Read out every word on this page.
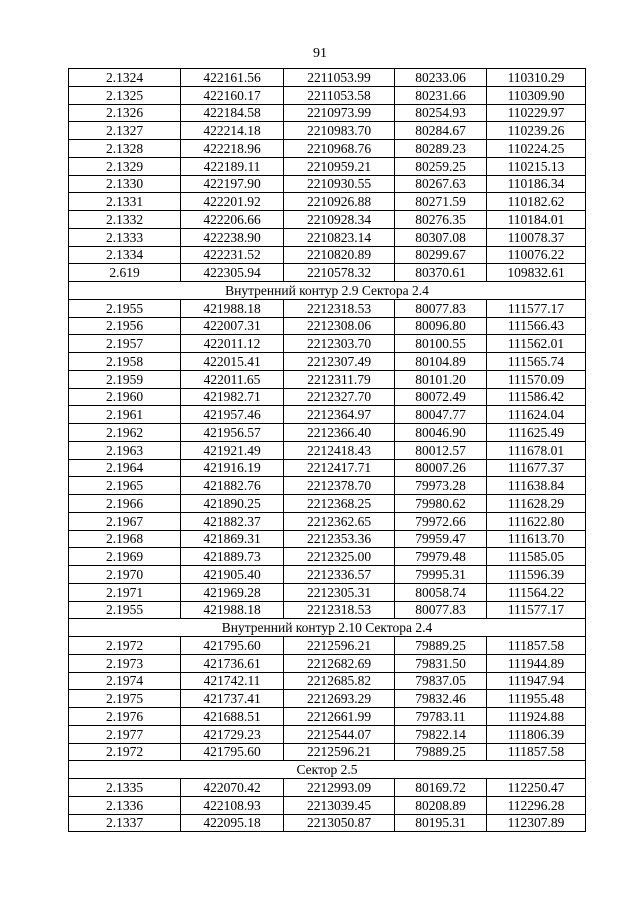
91
2.1324	422161.56	2211053.99	80233.06	110310.29
2.1325	422160.17	2211053.58	80231.66	110309.90
2.1326	422184.58	2210973.99	80254.93	110229.97
2.1327	422214.18	2210983.70	80284.67	110239.26
2.1328	422218.96	2210968.76	80289.23	110224.25
2.1329	422189.11	2210959.21	80259.25	110215.13
2.1330	422197.90	2210930.55	80267.63	110186.34
2.1331	422201.92	2210926.88	80271.59	110182.62
2.1332	422206.66	2210928.34	80276.35	110184.01
2.1333	422238.90	2210823.14	80307.08	110078.37
2.1334	422231.52	2210820.89	80299.67	110076.22
2.619	422305.94	2210578.32	80370.61	109832.61
Внутренний контур 2.9 Сектора 2.4				
2.1955	421988.18	2212318.53	80077.83	111577.17
2.1956	422007.31	2212308.06	80096.80	111566.43
2.1957	422011.12	2212303.70	80100.55	111562.01
2.1958	422015.41	2212307.49	80104.89	111565.74
2.1959	422011.65	2212311.79	80101.20	111570.09
2.1960	421982.71	2212327.70	80072.49	111586.42
2.1961	421957.46	2212364.97	80047.77	111624.04
2.1962	421956.57	2212366.40	80046.90	111625.49
2.1963	421921.49	2212418.43	80012.57	111678.01
2.1964	421916.19	2212417.71	80007.26	111677.37
2.1965	421882.76	2212378.70	79973.28	111638.84
2.1966	421890.25	2212368.25	79980.62	111628.29
2.1967	421882.37	2212362.65	79972.66	111622.80
2.1968	421869.31	2212353.36	79959.47	111613.70
2.1969	421889.73	2212325.00	79979.48	111585.05
2.1970	421905.40	2212336.57	79995.31	111596.39
2.1971	421969.28	2212305.31	80058.74	111564.22
2.1955	421988.18	2212318.53	80077.83	111577.17
Внутренний контур 2.10 Сектора 2.4				
2.1972	421795.60	2212596.21	79889.25	111857.58
2.1973	421736.61	2212682.69	79831.50	111944.89
2.1974	421742.11	2212685.82	79837.05	111947.94
2.1975	421737.41	2212693.29	79832.46	111955.48
2.1976	421688.51	2212661.99	79783.11	111924.88
2.1977	421729.23	2212544.07	79822.14	111806.39
2.1972	421795.60	2212596.21	79889.25	111857.58
Сектор 2.5				
2.1335	422070.42	2212993.09	80169.72	112250.47
2.1336	422108.93	2213039.45	80208.89	112296.28
2.1337	422095.18	2213050.87	80195.31	112307.89
